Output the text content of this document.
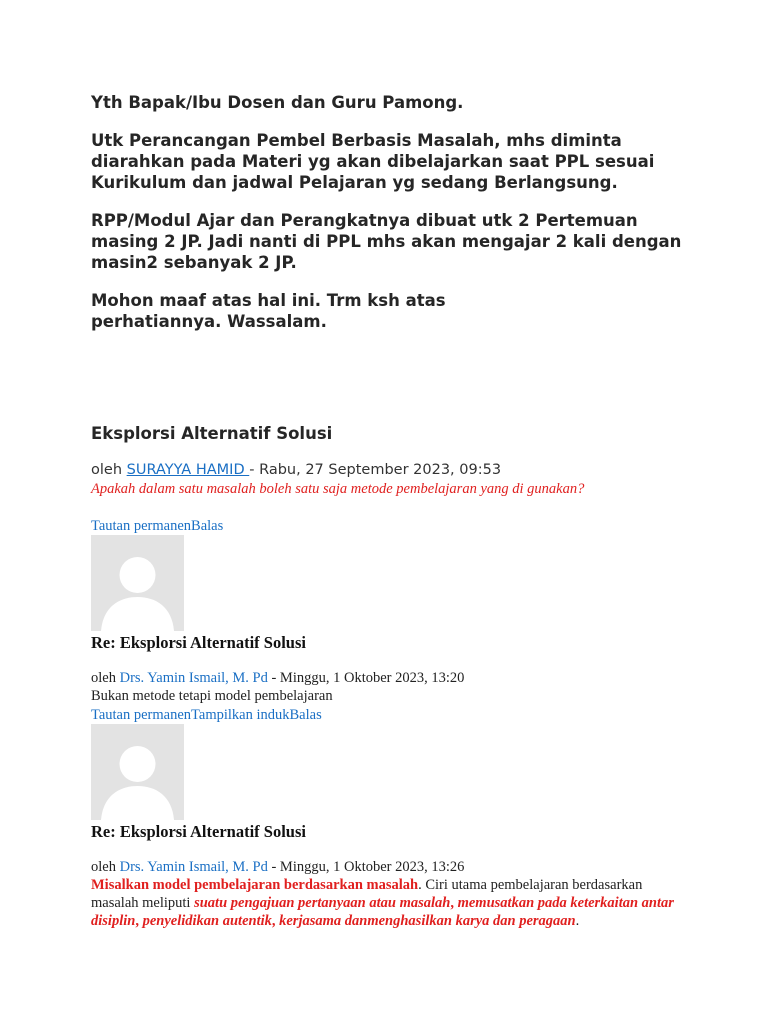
Yth Bapak/Ibu Dosen dan Guru Pamong.

Utk Perancangan Pembel Berbasis Masalah, mhs diminta diarahkan pada Materi yg akan dibelajarkan saat PPL sesuai Kurikulum dan jadwal Pelajaran yg sedang Berlangsung.

RPP/Modul Ajar dan Perangkatnya dibuat utk 2 Pertemuan masing 2 JP. Jadi nanti di PPL mhs akan mengajar 2 kali dengan masin2 sebanyak 2 JP.

Mohon maaf atas hal ini. Trm ksh atas perhatiannya. Wassalam.

Eksplorsi Alternatif Solusi
oleh SURAYYA HAMID - Rabu, 27 September 2023, 09:53
Apakah dalam satu masalah boleh satu saja metode pembelajaran yang di gunakan?
Tautan permanenBalas
Re: Eksplorsi Alternatif Solusi
oleh Drs. Yamin Ismail, M. Pd - Minggu, 1 Oktober 2023, 13:20
Bukan metode tetapi model pembelajaran
Tautan permanenTampilkan indukBalas
Re: Eksplorsi Alternatif Solusi
oleh Drs. Yamin Ismail, M. Pd - Minggu, 1 Oktober 2023, 13:26
Misalkan model pembelajaran berdasarkan masalah. Ciri utama pembelajaran berdasarkan masalah meliputi suatu pengajuan pertanyaan atau masalah, memusatkan pada keterkaitan antar disiplin, penyelidikan autentik, kerjasama danmenghasilkan karya dan peragaan.
